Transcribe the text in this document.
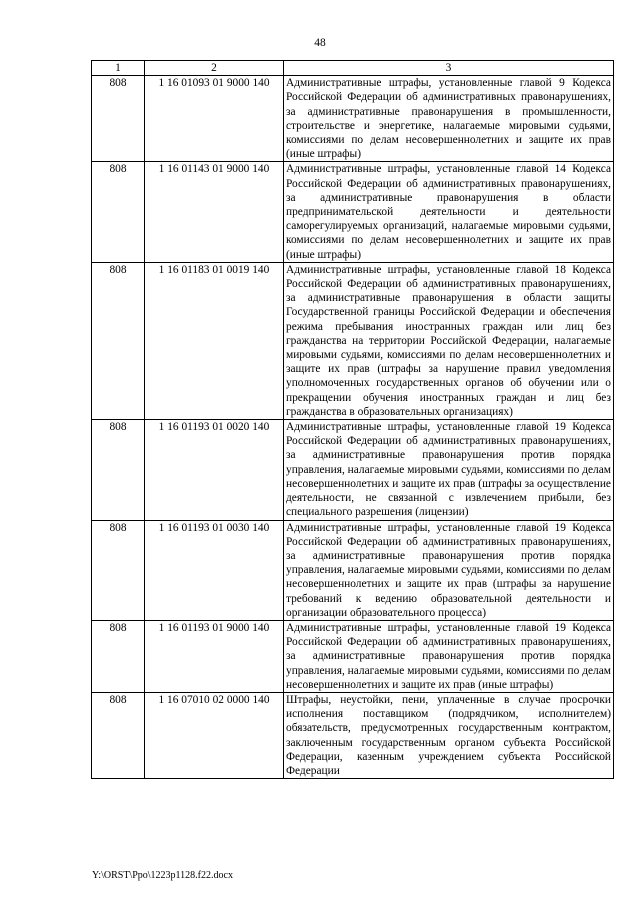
48
1	2	3
808	1 16 01093 01 9000 140	Административные штрафы, установленные главой 9 Кодекса Российской Федерации об административных правонарушениях, за административные правонарушения в промышленности, строительстве и энергетике, налагаемые мировыми судьями, комиссиями по делам несовершеннолетних и защите их прав (иные штрафы)
808	1 16 01143 01 9000 140	Административные штрафы, установленные главой 14 Кодекса Российской Федерации об административных правонарушениях, за административные правонарушения в области предпринимательской деятельности и деятельности саморегулируемых организаций, налагаемые мировыми судьями, комиссиями по делам несовершеннолетних и защите их прав (иные штрафы)
808	1 16 01183 01 0019 140	Административные штрафы, установленные главой 18 Кодекса Российской Федерации об административных правонарушениях, за административные правонарушения в области защиты Государственной границы Российской Федерации и обеспечения режима пребывания иностранных граждан или лиц без гражданства на территории Российской Федерации, налагаемые мировыми судьями, комиссиями по делам несовершеннолетних и защите их прав (штрафы за нарушение правил уведомления уполномоченных государственных органов об обучении или о прекращении обучения иностранных граждан и лиц без гражданства в образовательных организациях)
808	1 16 01193 01 0020 140	Административные штрафы, установленные главой 19 Кодекса Российской Федерации об административных правонарушениях, за административные правонарушения против порядка управления, налагаемые мировыми судьями, комиссиями по делам несовершеннолетних и защите их прав (штрафы за осуществление деятельности, не связанной с извлечением прибыли, без специального разрешения (лицензии)
808	1 16 01193 01 0030 140	Административные штрафы, установленные главой 19 Кодекса Российской Федерации об административных правонарушениях, за административные правонарушения против порядка управления, налагаемые мировыми судьями, комиссиями по делам несовершеннолетних и защите их прав (штрафы за нарушение требований к ведению образовательной деятельности и организации образовательного процесса)
808	1 16 01193 01 9000 140	Административные штрафы, установленные главой 19 Кодекса Российской Федерации об административных правонарушениях, за административные правонарушения против порядка управления, налагаемые мировыми судьями, комиссиями по делам несовершеннолетних и защите их прав (иные штрафы)
808	1 16 07010 02 0000 140	Штрафы, неустойки, пени, уплаченные в случае просрочки исполнения поставщиком (подрядчиком, исполнителем) обязательств, предусмотренных государственным контрактом, заключенным государственным органом субъекта Российской Федерации, казенным учреждением субъекта Российской Федерации
Y:\ORST\Ppo\1223p1128.f22.docx
